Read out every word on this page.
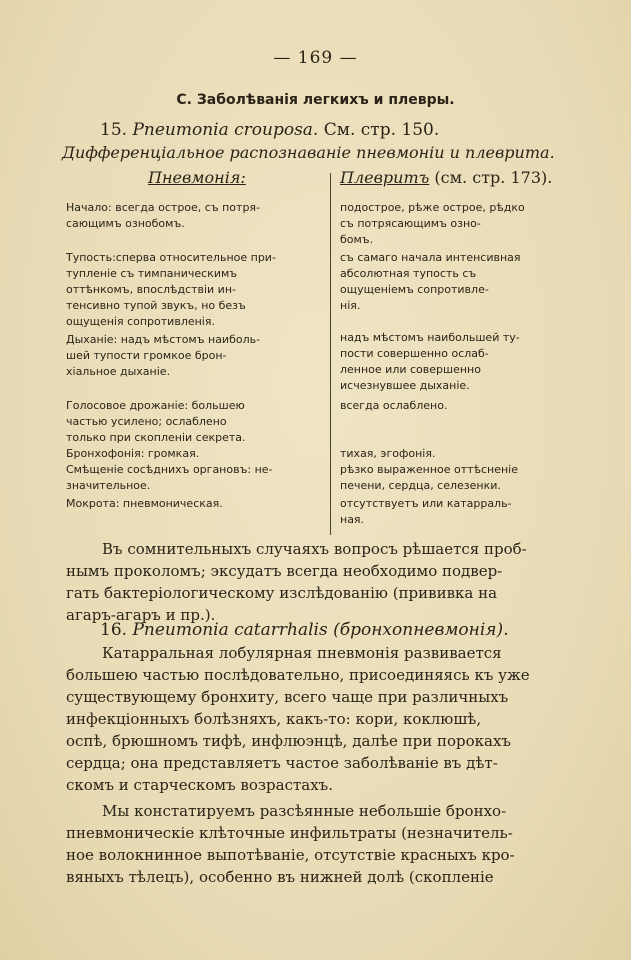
— 169 —
С. Заболѣванія легкихъ и плевры.
15. Pneumonia crouposa. См. стр. 150.
Дифференціальное распознаваніе пневмоніи и плеврита.
Пневмонія:	Плевритъ (см. стр. 173).
Начало: всегда острое, съ потря-
сающимъ ознобомъ.
Тупость:сперва относительное при-
тупленіе съ тимпаническимъ
оттѣнкомъ, впослѣдствіи ин-
тенсивно тупой звукъ, но безъ
ощущенія сопротивленія.
Дыханіе: надъ мѣстомъ наиболь-
шей тупости громкое брон-
хіальное дыханіе.
Голосовое дрожаніе: большею
частью усилено; ослаблено
только при скопленіи секрета.
Бронхофонія: громкая.
Смѣщеніе сосѣднихъ органовъ: не-
значительное.
Мокрота: пневмоническая.
подострое, рѣже острое, рѣдко
съ потрясающимъ озно-
бомъ.
съ самаго начала интенсивная
абсолютная тупость съ
ощущеніемъ сопротивле-
нія.
надъ мѣстомъ наибольшей ту-
пости совершенно ослаб-
ленное или совершенно
исчезнувшее дыханіе.
всегда ослаблено.
тихая, эгофонія.
рѣзко выраженное оттѣсненіе
печени, сердца, селезенки.
отсутствуетъ или катарраль-
ная.
Въ сомнительныхъ случаяхъ вопросъ рѣшается проб-
нымъ проколомъ; эксудатъ всегда необходимо подвер-
гать бактеріологическому изслѣдованію (прививка на
агаръ-агаръ и пр.).
16. Pneumonia catarrhalis (бронхопневмонія).
Катарральная лобулярная пневмонія развивается
большею частью послѣдовательно, присоединяясь къ уже
существующему бронхиту, всего чаще при различныхъ
инфекціонныхъ болѣзняхъ, какъ-то: кори, коклюшѣ,
оспѣ, брюшномъ тифѣ, инфлюэнцѣ, далѣе при порокахъ
сердца; она представляетъ частое заболѣваніе въ дѣт-
скомъ и старческомъ возрастахъ.
Мы констатируемъ разсѣянные небольшіе бронхо-
пневмоническіе клѣточные инфильтраты (незначитель-
ное волокнинное выпотѣваніе, отсутствіе красныхъ кро-
вяныхъ тѣлецъ), особенно въ нижней долѣ (скопленіе
